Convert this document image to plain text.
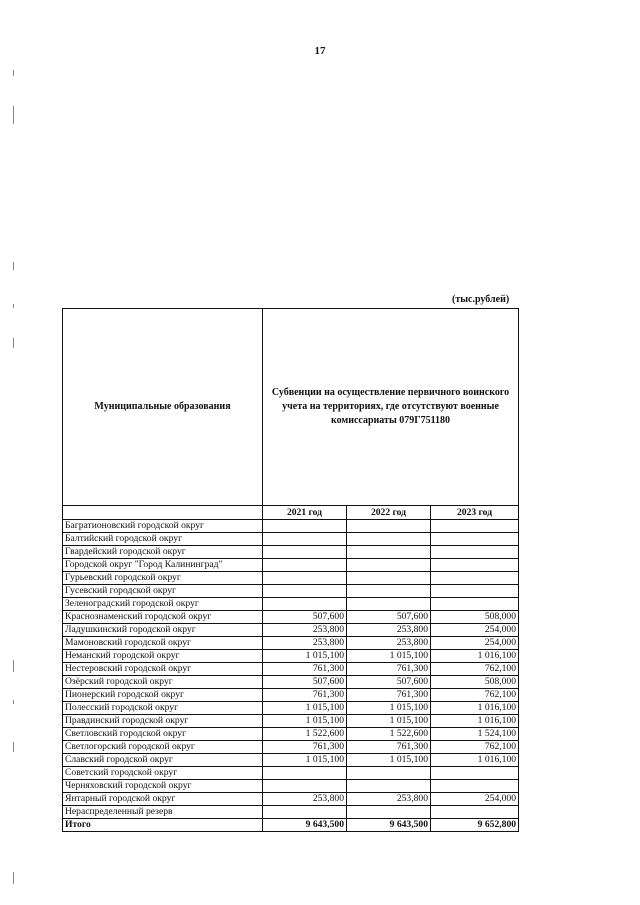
17
(тыс.рублей)
Муниципальные образования	Субвенции на осуществление первичного воинского учета на территориях, где отсутствуют военные комиссариаты 079Г751180		
	2021 год	2022 год	2023 год
Багратионовский городской округ			
Балтийский городской округ			
Гвардейский городской округ			
Городской округ "Город Калининград"			
Гурьевский городской округ			
Гусевский городской округ			
Зеленоградский городской округ			
Краснознаменский городской округ	507,600	507,600	508,000
Ладушкинский городской округ	253,800	253,800	254,000
Мамоновский городской округ	253,800	253,800	254,000
Неманский городской округ	1 015,100	1 015,100	1 016,100
Нестеровский городской округ	761,300	761,300	762,100
Озёрский городской округ	507,600	507,600	508,000
Пионерский городской округ	761,300	761,300	762,100
Полесский городской округ	1 015,100	1 015,100	1 016,100
Правдинский городской округ	1 015,100	1 015,100	1 016,100
Светловский городской округ	1 522,600	1 522,600	1 524,100
Светлогорский городской округ	761,300	761,300	762,100
Славский городской округ	1 015,100	1 015,100	1 016,100
Советский городской округ			
Черняховский городской округ			
Янтарный городской округ	253,800	253,800	254,000
Нераспределенный резерв			
Итого	9 643,500	9 643,500	9 652,800
